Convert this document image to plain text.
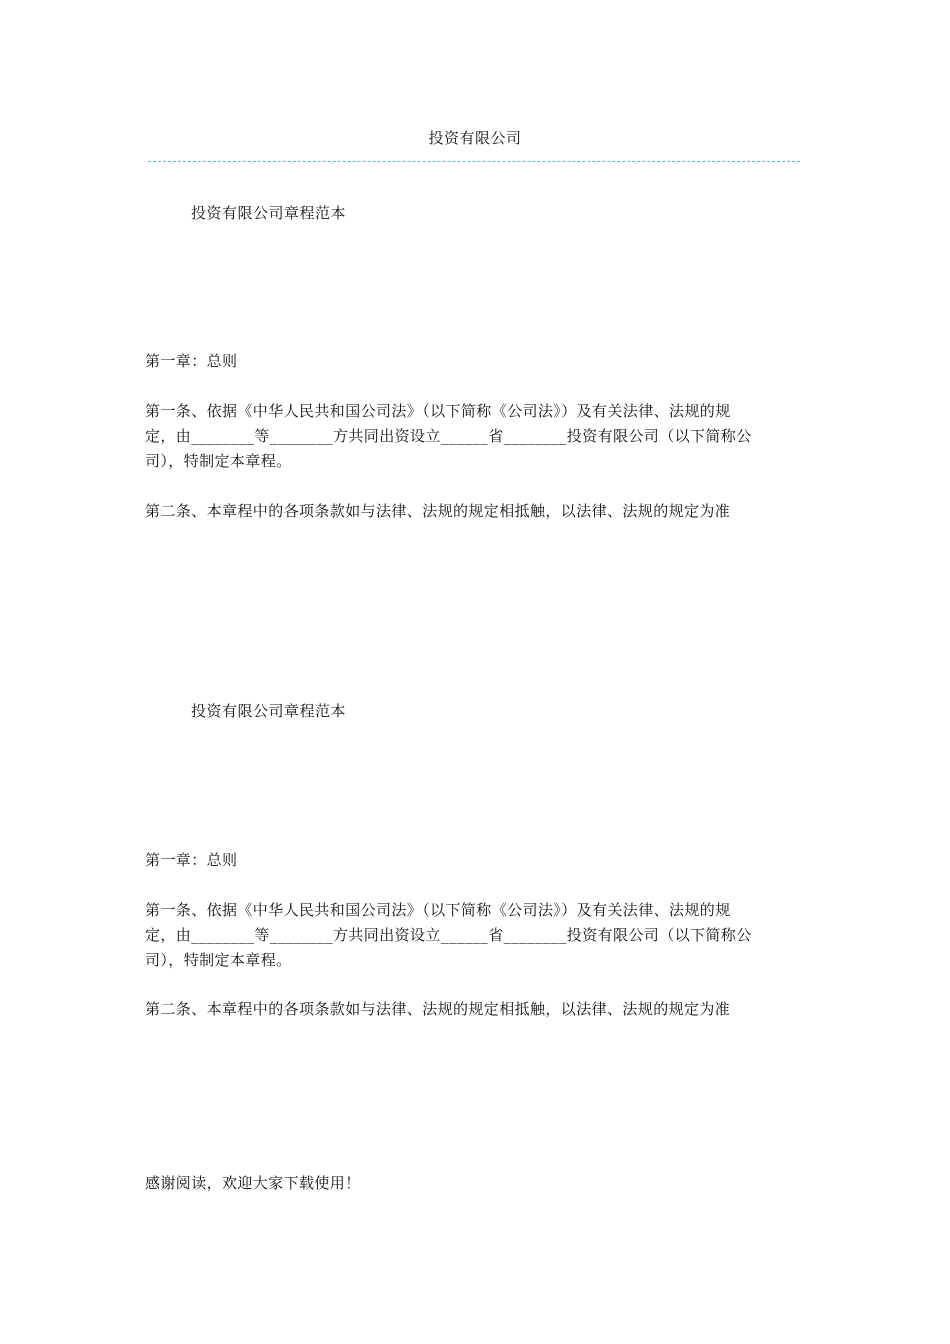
投资有限公司
投资有限公司章程范本

第一章：总则

第一条、依据《中华人民共和国公司法》（以下简称《公司法》）及有关法律、法规的规
定，由________等________方共同出资设立______省________投资有限公司（以下简称公
司），特制定本章程。

第二条、本章程中的各项条款如与法律、法规的规定相抵触，以法律、法规的规定为准

投资有限公司章程范本

第一章：总则

第一条、依据《中华人民共和国公司法》（以下简称《公司法》）及有关法律、法规的规
定，由________等________方共同出资设立______省________投资有限公司（以下简称公
司），特制定本章程。

第二条、本章程中的各项条款如与法律、法规的规定相抵触，以法律、法规的规定为准

感谢阅读，欢迎大家下载使用！
